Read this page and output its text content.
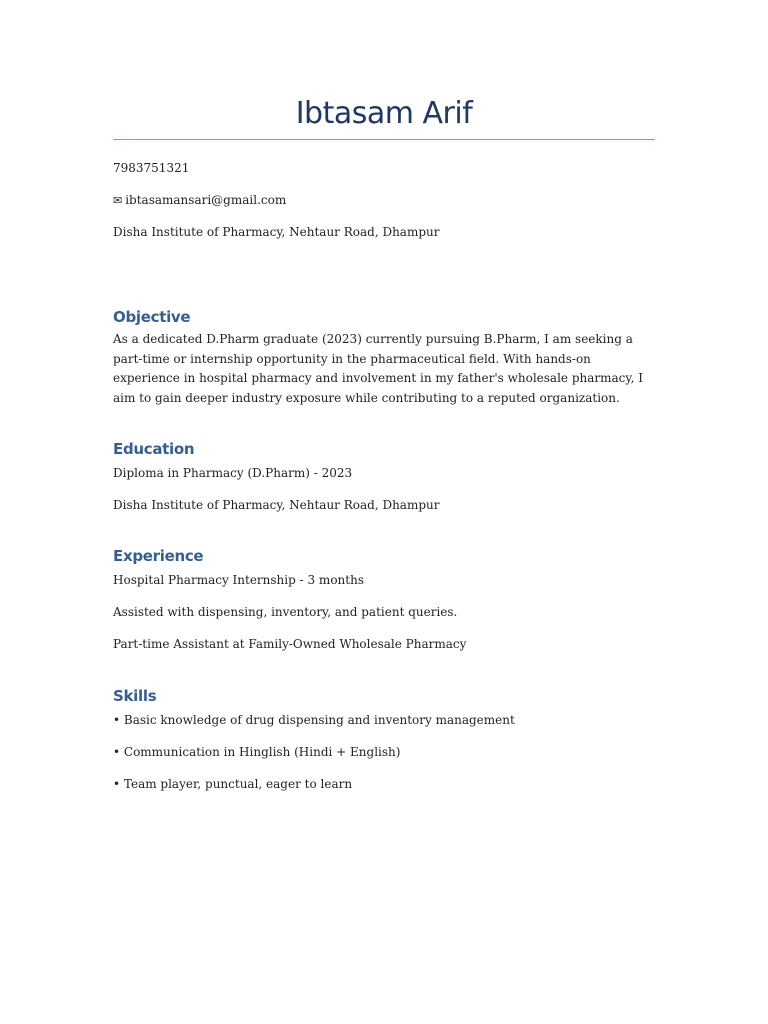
Ibtasam Arif
7983751321
✉ ibtasamansari@gmail.com
Disha Institute of Pharmacy, Nehtaur Road, Dhampur
Objective
As a dedicated D.Pharm graduate (2023) currently pursuing B.Pharm, I am seeking a part-time or internship opportunity in the pharmaceutical field. With hands-on experience in hospital pharmacy and involvement in my father's wholesale pharmacy, I aim to gain deeper industry exposure while contributing to a reputed organization.
Education
Diploma in Pharmacy (D.Pharm) - 2023
Disha Institute of Pharmacy, Nehtaur Road, Dhampur
Experience
Hospital Pharmacy Internship - 3 months
Assisted with dispensing, inventory, and patient queries.
Part-time Assistant at Family-Owned Wholesale Pharmacy
Skills
• Basic knowledge of drug dispensing and inventory management
• Communication in Hinglish (Hindi + English)
• Team player, punctual, eager to learn
